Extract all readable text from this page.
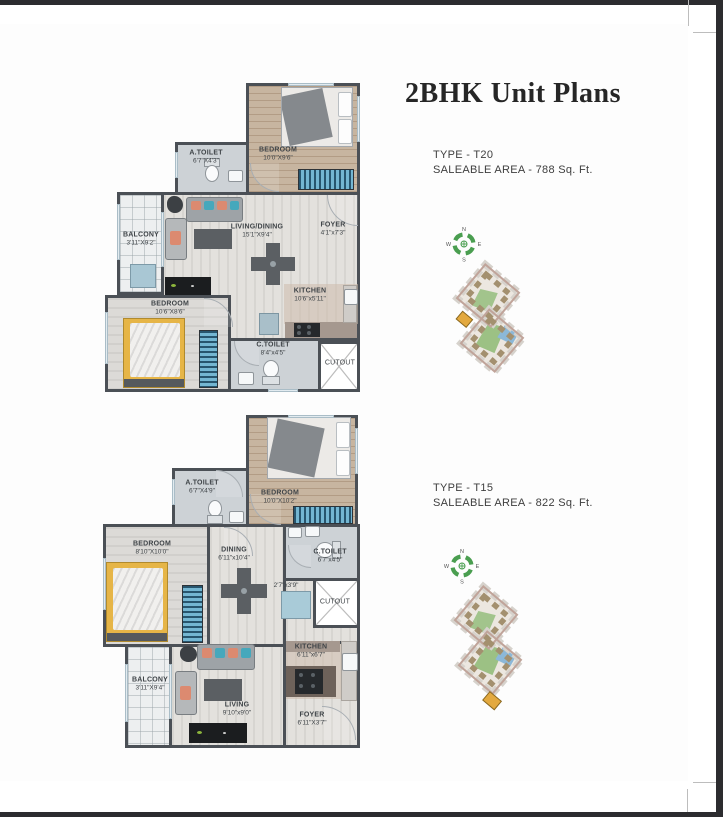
2BHK Unit Plans
TYPE - T20
SALEABLE AREA - 788 Sq. Ft.
A.TOILET
6'7"X4'3"
BEDROOM
10'0"X9'6"
BALCONY
3'11"X9'2"
LIVING/DINING
15'1"X9'4"
FOYER
4'1"x7'3"
BEDROOM
10'6"X8'6"
KITCHEN
10'6"x5'11"
C.TOILET
8'4"x4'5"
CUTOUT
N
E
S
W
TYPE - T15
SALEABLE AREA - 822 Sq. Ft.
A.TOILET
6'7"X4'9"	BEDROOM
10'0"X10'2"
BEDROOM
8'10"X10'0"	DINING
6'11"x10'4"
C.TOILET
6'7"x4'5"
2'7"x3'9"
CUTOUT
KITCHEN
6'11"x6'7"
BALCONY
3'11"X9'4"
LIVING
9'10"x9'0"	FOYER
6'11"X3'7"
N
E
S
W
